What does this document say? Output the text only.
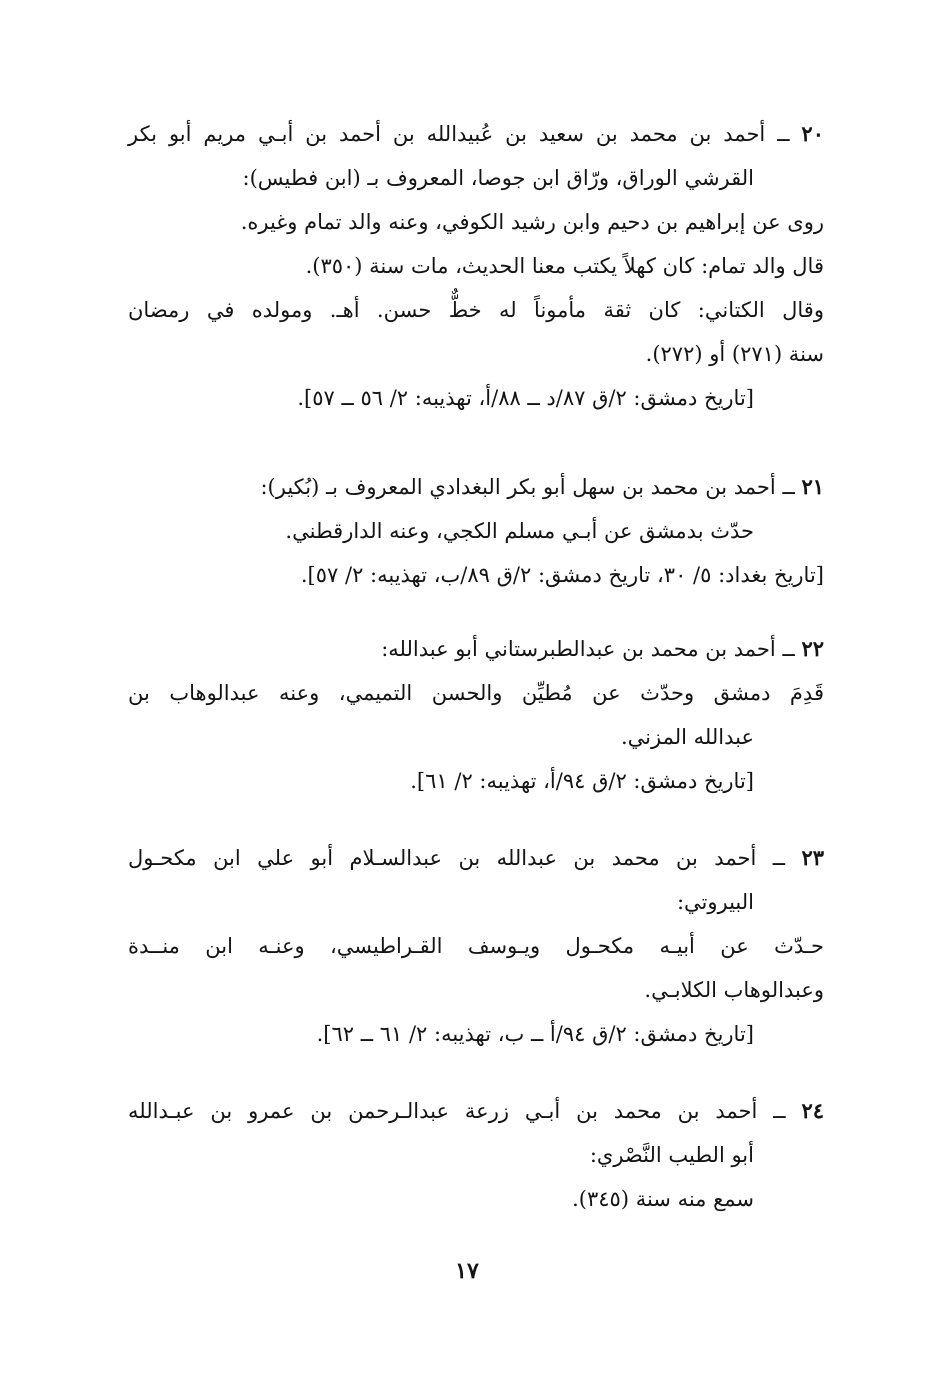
٢٠ ــ أحمد بن محمد بن سعيد بن عُبيدالله بن أحمد بن أبـي مريم أبو بكر
القرشي الوراق، ورّاق ابن جوصا، المعروف بـ (ابن فطيس):
روى عن إبراهيم بن دحيم وابن رشيد الكوفي، وعنه والد تمام وغيره.
قال والد تمام: كان كهلاً يكتب معنا الحديث، مات سنة (٣٥٠).
وقال الكتاني: كان ثقة مأموناً له خطٌّ حسن. أهـ. ومولده في رمضان
سنة (٢٧١) أو (٢٧٢).
[تاريخ دمشق: ٢/ق ٨٧/د ــ ٨٨/أ، تهذيبه: ٢/ ٥٦ ــ ٥٧].
٢١ ــ أحمد بن محمد بن سهل أبو بكر البغدادي المعروف بـ (بُكير):
حدّث بدمشق عن أبـي مسلم الكجي، وعنه الدارقطني.
[تاريخ بغداد: ٥/ ٣٠، تاريخ دمشق: ٢/ق ٨٩/ب، تهذيبه: ٢/ ٥٧].
٢٢ ــ أحمد بن محمد بن عبدالطبرستاني أبو عبدالله:
قَدِمَ دمشق وحدّث عن مُطيِّن والحسن التميمي، وعنه عبدالوهاب بن
عبدالله المزني.
[تاريخ دمشق: ٢/ق ٩٤/أ، تهذيبه: ٢/ ٦١].
٢٣ ــ أحمد بن محمد بن عبدالله بن عبدالسـلام أبو علي ابن مكحـول
البيروتي:
حـدّث عن أبيـه مكحـول ويـوسف القـراطيسي، وعنـه ابن منــدة
وعبدالوهاب الكلابـي.
[تاريخ دمشق: ٢/ق ٩٤/أ ــ ب، تهذيبه: ٢/ ٦١ ــ ٦٢].
٢٤ ــ أحمد بن محمد بن أبـي زرعة عبدالـرحمن بن عمرو بن عبـدالله
أبو الطيب النَّصْري:
سمع منه سنة (٣٤٥).
١٧
